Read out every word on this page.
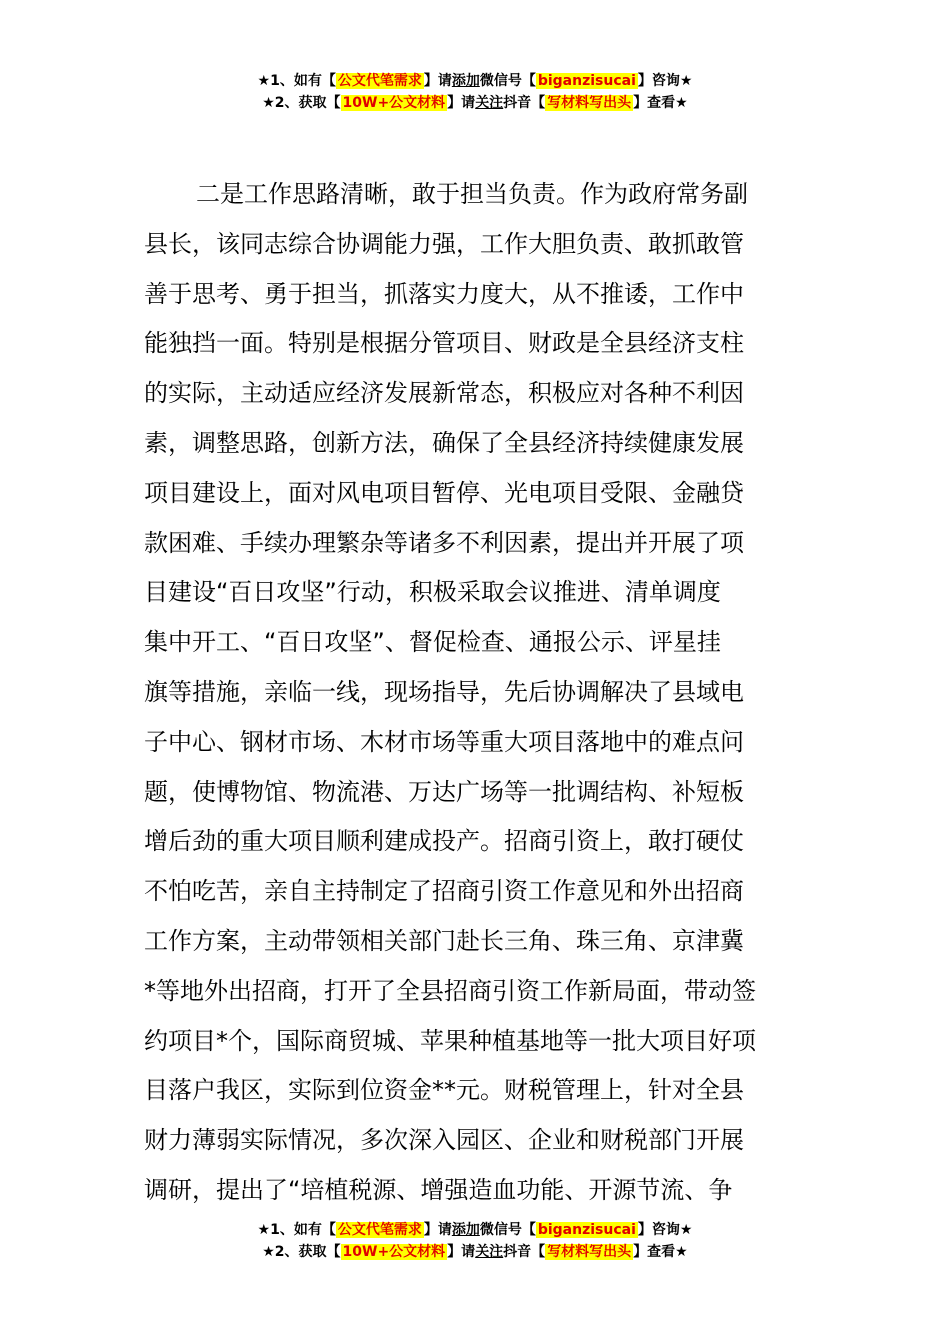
★1、如有【 公文代笔需求 】请添加微信号【 biganzisucai 】咨询★
★2、获取【 10W+公文材料 】请关注抖音【 写材料写出头 】查看★
二是工作思路清晰，敢于担当负责。作为政府常务副
县长，该同志综合协调能力强，工作大胆负责、敢抓敢管
善于思考、勇于担当，抓落实力度大，从不推诿，工作中
能独挡一面。特别是根据分管项目、财政是全县经济支柱
的实际，主动适应经济发展新常态，积极应对各种不利因
素，调整思路，创新方法，确保了全县经济持续健康发展
项目建设上，面对风电项目暂停、光电项目受限、金融贷
款困难、手续办理繁杂等诸多不利因素，提出并开展了项
目建设“百日攻坚”行动，积极采取会议推进、清单调度
集中开工、“百日攻坚”、督促检查、通报公示、评星挂
旗等措施，亲临一线，现场指导，先后协调解决了县域电
子中心、钢材市场、木材市场等重大项目落地中的难点问
题，使博物馆、物流港、万达广场等一批调结构、补短板
增后劲的重大项目顺利建成投产。招商引资上，敢打硬仗
不怕吃苦，亲自主持制定了招商引资工作意见和外出招商
工作方案，主动带领相关部门赴长三角、珠三角、京津冀
*等地外出招商，打开了全县招商引资工作新局面，带动签
约项目*个，国际商贸城、苹果种植基地等一批大项目好项
目落户我区，实际到位资金**元。财税管理上，针对全县
财力薄弱实际情况，多次深入园区、企业和财税部门开展
调研，提出了“培植税源、增强造血功能、开源节流、争
★1、如有【 公文代笔需求 】请添加微信号【 biganzisucai 】咨询★
★2、获取【 10W+公文材料 】请关注抖音【 写材料写出头 】查看★
